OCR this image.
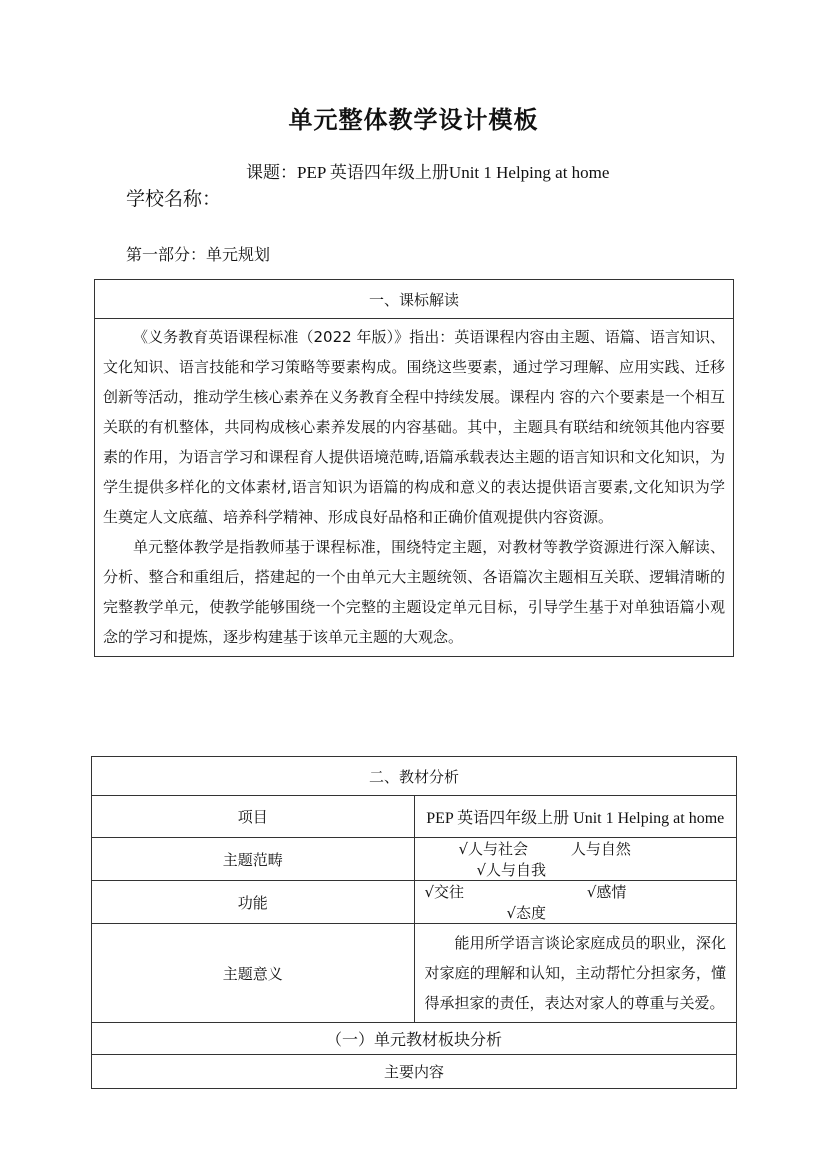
单元整体教学设计模板
课题：PEP 英语四年级上册Unit 1 Helping at home
学校名称：
第一部分：单元规划
一、课标解读

《义务教育英语课程标准（2022 年版）》指出：英语课程内容由主题、语篇、语言知识、文化知识、语言技能和学习策略等要素构成。围绕这些要素，通过学习理解、应用实践、迁移创新等活动，推动学生核心素养在义务教育全程中持续发展。课程内 容的六个要素是一个相互关联的有机整体，共同构成核心素养发展的内容基础。其中，主题具有联结和统领其他内容要素的作用，为语言学习和课程育人提供语境范畴,语篇承载表达主题的语言知识和文化知识，为学生提供多样化的文体素材,语言知识为语篇的构成和意义的表达提供语言要素,文化知识为学生奠定人文底蕴、培养科学精神、形成良好品格和正确价值观提供内容资源。

单元整体教学是指教师基于课程标准，围绕特定主题，对教材等教学资源进行深入解读、分析、整合和重组后，搭建起的一个由单元大主题统领、各语篇次主题相互关联、逻辑清晰的完整教学单元，使教学能够围绕一个完整的主题设定单元目标，引导学生基于对单独语篇小观念的学习和提炼，逐步构建基于该单元主题的大观念。

二、教材分析	
项目	PEP 英语四年级上册 Unit 1 Helping at home
主题范畴	√人与社会 人与自然 √人与自我
功能	√交往 √感情 √态度
主题意义	能用所学语言谈论家庭成员的职业，深化对家庭的理解和认知，主动帮忙分担家务，懂得承担家的责任，表达对家人的尊重与关爱。
（一）单元教材板块分析	
主要内容	
